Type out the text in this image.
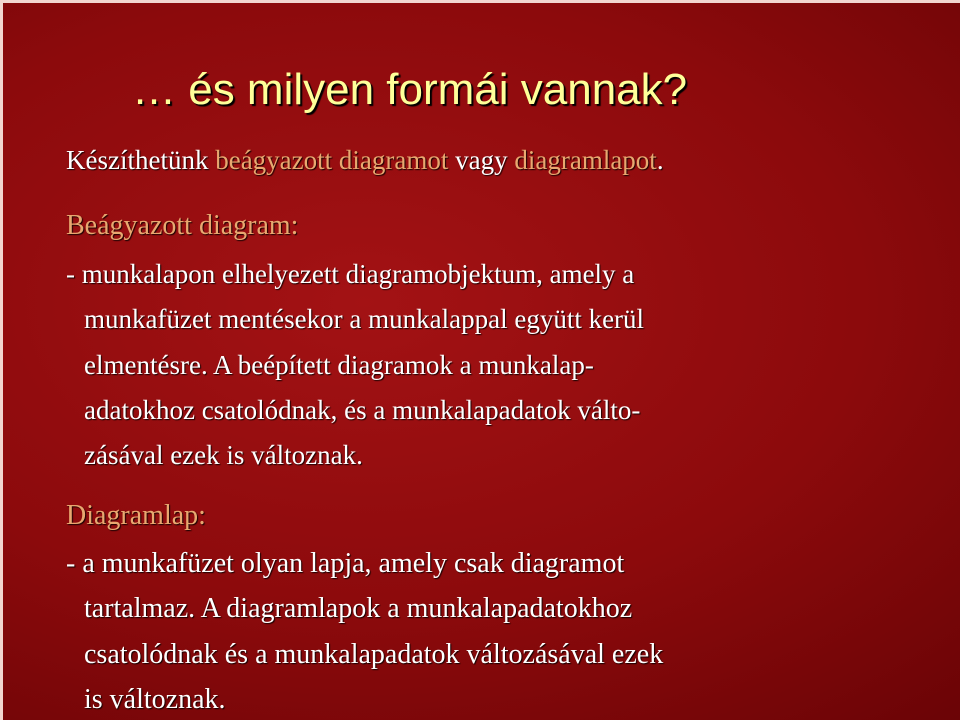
… és milyen formái vannak?
Készíthetünk beágyazott diagramot vagy diagramlapot.
Beágyazott diagram:
- munkalapon elhelyezett diagramobjektum, amely a
munkafüzet mentésekor a munkalappal együtt kerül
elmentésre. A beépített diagramok a munkalap-
adatokhoz csatolódnak, és a munkalapadatok válto-
zásával ezek is változnak.
Diagramlap:
- a munkafüzet olyan lapja, amely csak diagramot
tartalmaz. A diagramlapok a munkalapadatokhoz
csatolódnak és a munkalapadatok változásával ezek
is változnak.
